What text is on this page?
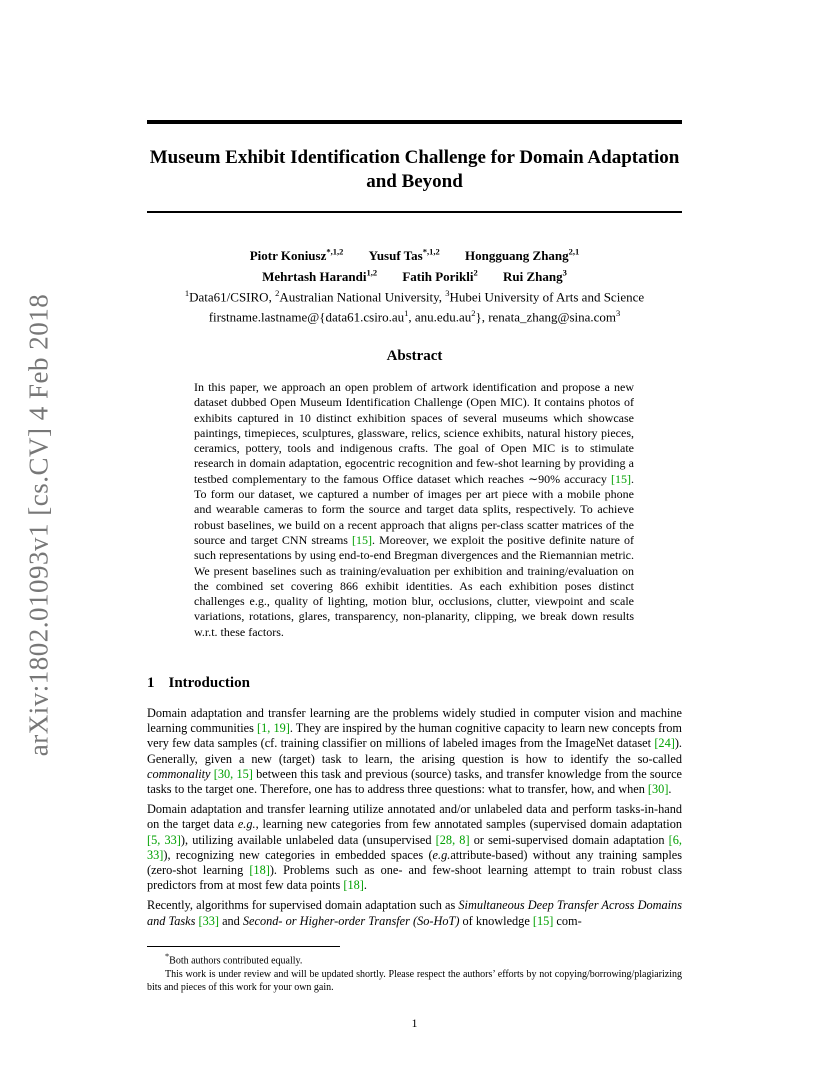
arXiv:1802.01093v1 [cs.CV] 4 Feb 2018
Museum Exhibit Identification Challenge for Domain Adaptation and Beyond
Piotr Koniusz$^{*,1,2}$ Yusuf Tas$^{*,1,2}$ Hongguang Zhang$^{2,1}$
Mehrtash Harandi$^{1,2}$ Fatih Porikli$^2$ Rui Zhang$^3$
$^1$Data61/CSIRO, $^2$Australian National University, $^3$Hubei University of Arts and Science
$firstname.lastname@\{data61.csiro.au^1$, $anu.edu.au^2$}, renata_zhang@sina.com$^3$
Abstract
In this paper, we approach an open problem of artwork identification and propose a new dataset dubbed Open Museum Identification Challenge (Open MIC). It contains photos of exhibits captured in 10 distinct exhibition spaces of several museums which showcase paintings, timepieces, sculptures, glassware, relics, science exhibits, natural history pieces, ceramics, pottery, tools and indigenous crafts. The goal of Open MIC is to stimulate research in domain adaptation, egocentric recognition and few-shot learning by providing a testbed complementary to the famous Office dataset which reaches ∼90% accuracy [15]. To form our dataset, we captured a number of images per art piece with a mobile phone and wearable cameras to form the source and target data splits, respectively. To achieve robust baselines, we build on a recent approach that aligns per-class scatter matrices of the source and target CNN streams [15]. Moreover, we exploit the positive definite nature of such representations by using end-to-end Bregman divergences and the Riemannian metric. We present baselines such as training/evaluation per exhibition and training/evaluation on the combined set covering 866 exhibit identities. As each exhibition poses distinct challenges e.g., quality of lighting, motion blur, occlusions, clutter, viewpoint and scale variations, rotations, glares, transparency, non-planarity, clipping, we break down results w.r.t. these factors.
1 Introduction

Domain adaptation and transfer learning are the problems widely studied in computer vision and machine learning communities [1, 19]. They are inspired by the human cognitive capacity to learn new concepts from very few data samples (cf. training classifier on millions of labeled images from the ImageNet dataset [24]). Generally, given a new (target) task to learn, the arising question is how to identify the so-called commonality [30, 15] between this task and previous (source) tasks, and transfer knowledge from the source tasks to the target one. Therefore, one has to address three questions: what to transfer, how, and when [30].

Domain adaptation and transfer learning utilize annotated and/or unlabeled data and perform tasks-in-hand on the target data e.g., learning new categories from few annotated samples (supervised domain adaptation [5, 33]), utilizing available unlabeled data (unsupervised [28, 8] or semi-supervised domain adaptation [6, 33]), recognizing new categories in embedded spaces (e.g.attribute-based) without any training samples (zero-shot learning [18]). Problems such as one- and few-shoot learning attempt to train robust class predictors from at most few data points [18].

Recently, algorithms for supervised domain adaptation such as Simultaneous Deep Transfer Across Domains and Tasks [33] and Second- or Higher-order Transfer (So-HoT) of knowledge [15] com-

*Both authors contributed equally.

This work is under review and will be updated shortly. Please respect the authors’ efforts by not copying/borrowing/plagiarizing bits and pieces of this work for your own gain.

1
